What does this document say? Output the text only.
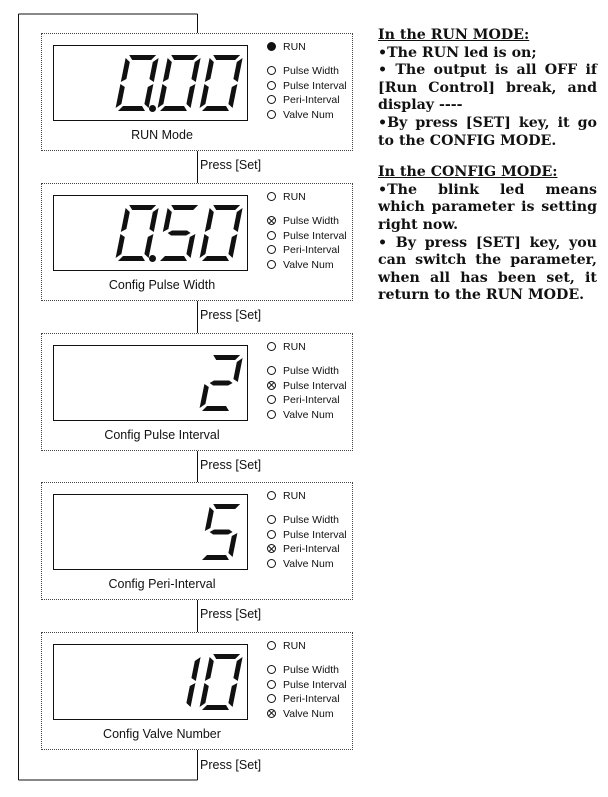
RUN
Pulse Width
Pulse Interval
Peri-Interval
Valve Num
RUN Mode
Press [Set]
RUN
Pulse Width
Pulse Interval
Peri-Interval
Valve Num
Config Pulse Width
Press [Set]
RUN
Pulse Width
Pulse Interval
Peri-Interval
Valve Num
Config Pulse Interval
Press [Set]
RUN
Pulse Width
Pulse Interval
Peri-Interval
Valve Num
Config Peri-Interval
Press [Set]
RUN
Pulse Width
Pulse Interval
Peri-Interval
Valve Num
Config Valve Number
Press [Set]
In the RUN MODE:

•The RUN led is on;

• The output is all OFF if [Run Control] break, and display ----

•By press [SET] key, it go to the CONFIG MODE.

In the CONFIG MODE:

•The blink led means which parameter is setting right now.

• By press [SET] key, you can switch the parameter, when all has been set, it return to the RUN MODE.
